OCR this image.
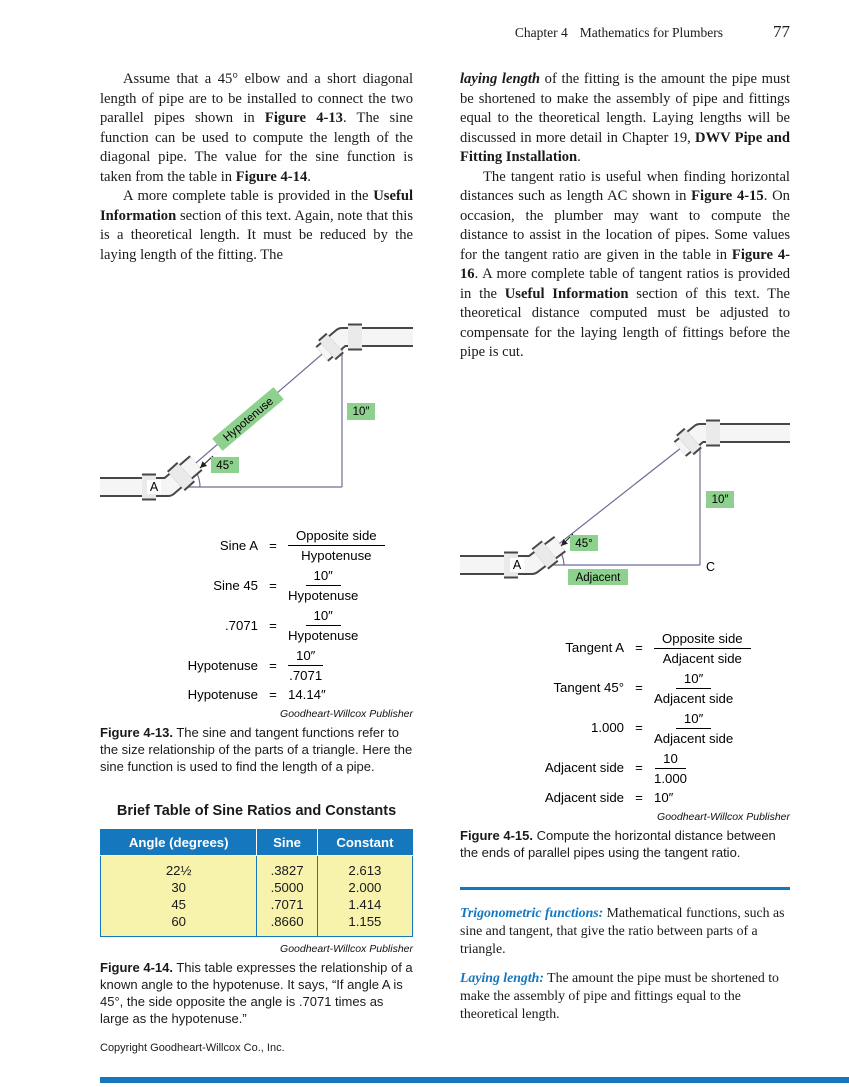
Chapter 4 Mathematics for Plumbers	77

Assume that a 45° elbow and a short diagonal length of pipe are to be installed to connect the two parallel pipes shown in Figure 4-13. The sine function can be used to compute the length of the diagonal pipe. The value for the sine function is taken from the table in Figure 4-14.

A more complete table is provided in the Useful Information section of this text. Again, note that this is a theoretical length. It must be reduced by the laying length of the fitting. The

Hypotenuse	10″
45°
A
Sine $A = \frac{\text{Opposite side}}{\text{Hypotenuse}}$
Sine $45 = \frac{10''}{\text{Hypotenuse}}$
$.7071 = \frac{10''}{\text{Hypotenuse}}$
Hypotenuse = $\frac{10''}{.7071}$
Hypotenuse = 14.14″
Goodheart-Willcox Publisher

Figure 4-13. The sine and tangent functions refer to the size relationship of the parts of a triangle. Here the sine function is used to find the length of a pipe.

Brief Table of Sine Ratios and Constants
Angle (degrees)	Sine	Constant
22½	.3827	2.613
30	.5000	2.000
45	.7071	1.414
60	.8660	1.155
Goodheart-Willcox Publisher

Figure 4-14. This table expresses the relationship of a known angle to the hypotenuse. It says, “If angle A is 45°, the side opposite the angle is .7071 times as large as the hypotenuse.”

laying length of the fitting is the amount the pipe must be shortened to make the assembly of pipe and fittings equal to the theoretical length. Laying lengths will be discussed in more detail in Chapter 19, DWV Pipe and Fitting Installation.

The tangent ratio is useful when finding horizontal distances such as length AC shown in Figure 4-15. On occasion, the plumber may want to compute the distance to assist in the location of pipes. Some values for the tangent ratio are given in the table in Figure 4-16. A more complete table of tangent ratios is provided in the Useful Information section of this text. The theoretical distance computed must be adjusted to compensate for the laying length of fittings before the pipe is cut.

10″
45°
Adjacent
A	C
Tangent $A = \frac{\text{Opposite side}}{\text{Adjacent side}}$
Tangent $45^\circ = \frac{10''}{\text{Adjacent side}}$
$1.000 = \frac{10''}{\text{Adjacent side}}$
Adjacent side = $\frac{10}{1.000}$
Adjacent side = 10″
Goodheart-Willcox Publisher

Figure 4-15. Compute the horizontal distance between the ends of parallel pipes using the tangent ratio.

Trigonometric functions: Mathematical functions, such as sine and tangent, that give the ratio between parts of a triangle.

Laying length: The amount the pipe must be shortened to make the assembly of pipe and fittings equal to the theoretical length.

Copyright Goodheart-Willcox Co., Inc.
